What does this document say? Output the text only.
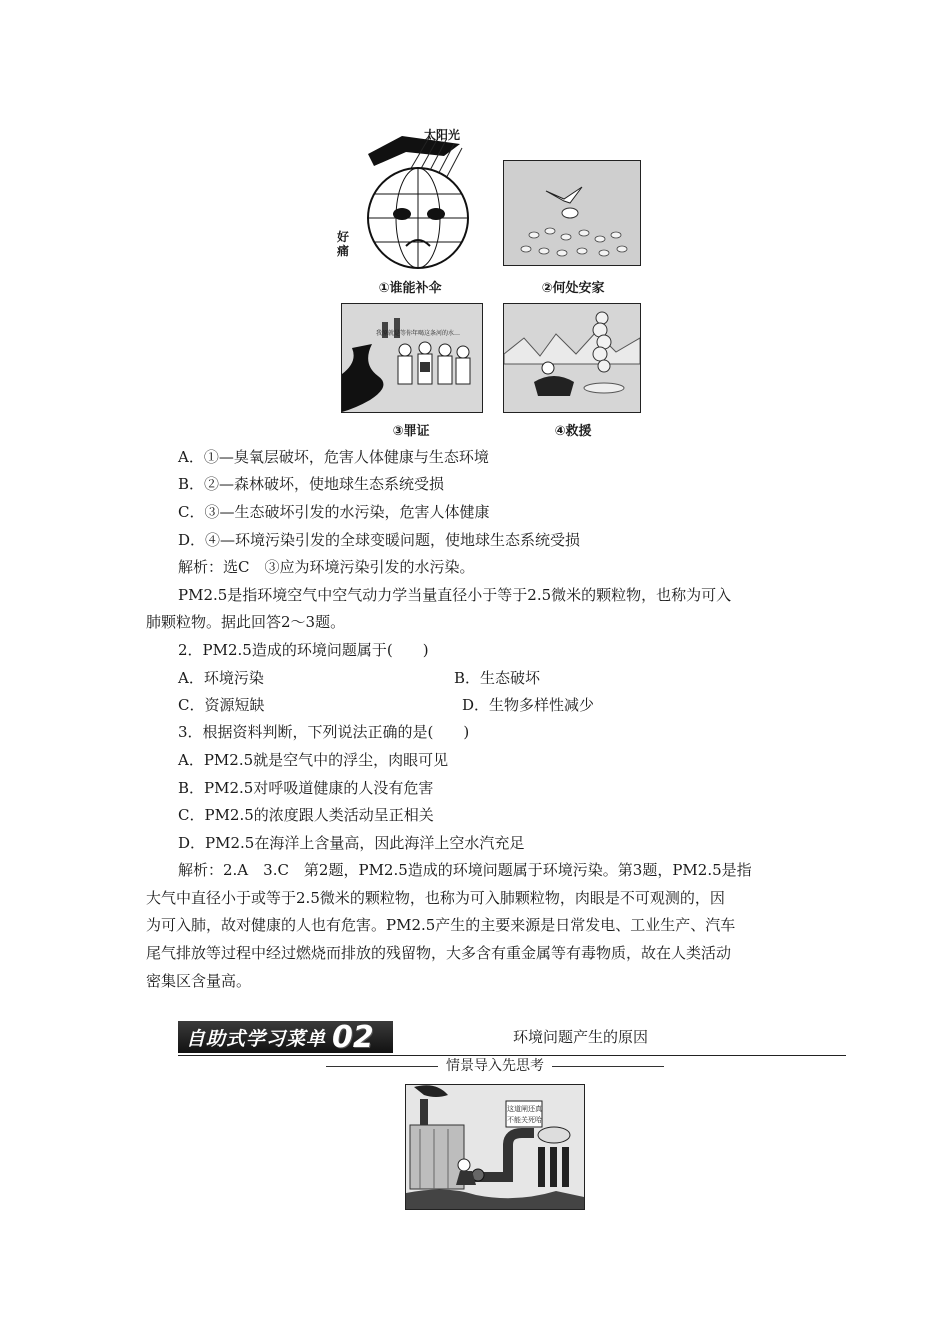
太阳光
好痛
①谁能补伞	②何处安家
我原就是等你年喝这条河的水…
③罪证	④救援
A．①—臭氧层破坏，危害人体健康与生态环境
B．②—森林破坏，使地球生态系统受损
C．③—生态破坏引发的水污染，危害人体健康
D．④—环境污染引发的全球变暖问题，使地球生态系统受损
解析：选C　③应为环境污染引发的水污染。
PM2.5是指环境空气中空气动力学当量直径小于等于2.5微米的颗粒物，也称为可入
肺颗粒物。据此回答2～3题。
2．PM2.5造成的环境问题属于(　　)
A．环境污染	B．生态破坏
C．资源短缺	D．生物多样性减少
3．根据资料判断，下列说法正确的是(　　)
A．PM2.5就是空气中的浮尘，肉眼可见
B．PM2.5对呼吸道健康的人没有危害
C．PM2.5的浓度跟人类活动呈正相关
D．PM2.5在海洋上含量高，因此海洋上空水汽充足
解析：2.A　3.C　第2题，PM2.5造成的环境问题属于环境污染。第3题，PM2.5是指
大气中直径小于或等于2.5微米的颗粒物，也称为可入肺颗粒物，肉眼是不可观测的，因
为可入肺，故对健康的人也有危害。PM2.5产生的主要来源是日常发电、工业生产、汽车
尾气排放等过程中经过燃烧而排放的残留物，大多含有重金属等有毒物质，故在人类活动
密集区含量高。
自助式学习菜单 02	环境问题产生的原因
情景导入先思考
这道闸还真
不能关死哈
